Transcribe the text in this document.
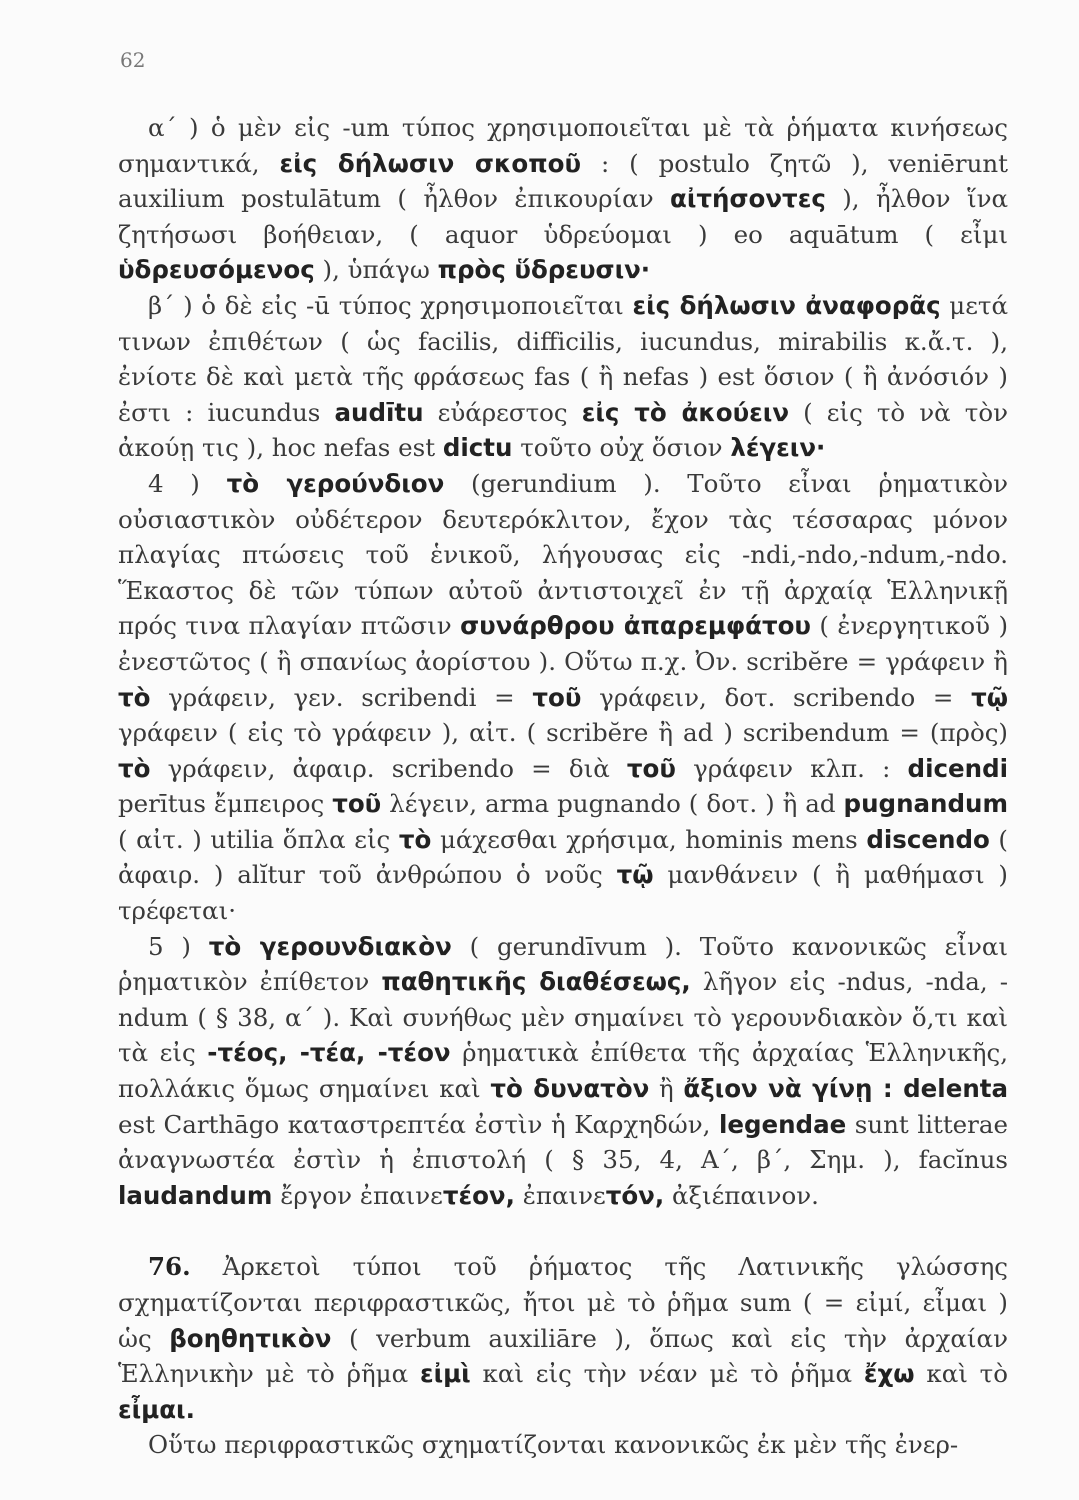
62

α΄ ) ὁ μὲν εἰς -um τύπος χρησιμοποιεῖται μὲ τὰ ῥήματα κινήσεως σημαντικά, εἰς δήλωσιν σκοποῦ : ( postulo ζητῶ ), veniērunt auxilium postulātum ( ἦλθον ἐπικουρίαν αἰτήσοντες ), ἦλθον ἵνα ζητήσωσι βοήθειαν, ( aquor ὑδρεύομαι ) eo aquātum ( εἶμι ὑδρευσόμενος ), ὑπάγω πρὸς ὕδρευσιν·

β΄ ) ὁ δὲ εἰς -ū τύπος χρησιμοποιεῖται εἰς δήλωσιν ἀναφορᾶς μετά τινων ἐπιθέτων ( ὡς facilis, difficilis, iucundus, mirabilis κ.ἄ.τ. ), ἐνίοτε δὲ καὶ μετὰ τῆς φράσεως fas ( ἢ nefas ) est ὅσιον ( ἢ ἀνόσιόν ) ἐστι : iucundus audītu εὐάρεστος εἰς τὸ ἀκούειν ( εἰς τὸ νὰ τὸν ἀκούῃ τις ), hoc nefas est dictu τοῦτο οὐχ ὅσιον λέγειν·

4 ) τὸ γερούνδιον (gerundium ). Τοῦτο εἶναι ῥηματικὸν οὐσιαστικὸν οὐδέτερον δευτερόκλιτον, ἔχον τὰς τέσσαρας μόνον πλαγίας πτώσεις τοῦ ἑνικοῦ, λήγουσας εἰς -ndi,-ndo,-ndum,-ndo. Ἕκαστος δὲ τῶν τύπων αὐτοῦ ἀντιστοιχεῖ ἐν τῇ ἀρχαίᾳ Ἑλληνικῇ πρός τινα πλαγίαν πτῶσιν συνάρθρου ἀπαρεμφάτου ( ἐνεργητικοῦ ) ἐνεστῶτος ( ἢ σπανίως ἀορίστου ). Οὕτω π.χ. Ὀν. scribĕre = γράφειν ἢ τὸ γράφειν, γεν. scribendi = τοῦ γράφειν, δοτ. scribendo = τῷ γράφειν ( εἰς τὸ γράφειν ), αἰτ. ( scribĕre ἢ ad ) scribendum = (πρὸς) τὸ γράφειν, ἀφαιρ. scribendo = διὰ τοῦ γράφειν κλπ. : dicendi perītus ἔμπειρος τοῦ λέγειν, arma pugnando ( δοτ. ) ἢ ad pugnandum ( αἰτ. ) utilia ὅπλα εἰς τὸ μάχεσθαι χρήσιμα, hominis mens discendo ( ἀφαιρ. ) alĭtur τοῦ ἀνθρώπου ὁ νοῦς τῷ μανθάνειν ( ἢ μαθήμασι ) τρέφεται·

5 ) τὸ γερουνδιακὸν ( gerundīvum ). Τοῦτο κανονικῶς εἶναι ῥηματικὸν ἐπίθετον παθητικῆς διαθέσεως, λῆγον εἰς -ndus, -nda, -ndum ( § 38, α΄ ). Καὶ συνήθως μὲν σημαίνει τὸ γερουνδιακὸν ὅ,τι καὶ τὰ εἰς -τέος, -τέα, -τέον ῥηματικὰ ἐπίθετα τῆς ἀρχαίας Ἑλληνικῆς, πολλάκις ὅμως σημαίνει καὶ τὸ δυνατὸν ἢ ἄξιον νὰ γίνῃ : delenta est Carthāgo καταστρεπτέα ἐστὶν ἡ Καρχηδών, legendae sunt litterae ἀναγνωστέα ἐστὶν ἡ ἐπιστολή ( § 35, 4, Α΄, β΄, Σημ. ), facĭnus laudandum ἔργον ἐπαινετέον, ἐπαινετόν, ἀξιέπαινον.

76. Ἀρκετοὶ τύποι τοῦ ῥήματος τῆς Λατινικῆς γλώσσης σχηματίζονται περιφραστικῶς, ἤτοι μὲ τὸ ῥῆμα sum ( = εἰμί, εἶμαι ) ὡς βοηθητικὸν ( verbum auxiliāre ), ὅπως καὶ εἰς τὴν ἀρχαίαν Ἑλληνικὴν μὲ τὸ ῥῆμα εἰμὶ καὶ εἰς τὴν νέαν μὲ τὸ ῥῆμα ἔχω καὶ τὸ εἶμαι.

Οὕτω περιφραστικῶς σχηματίζονται κανονικῶς ἐκ μὲν τῆς ἐνερ-
